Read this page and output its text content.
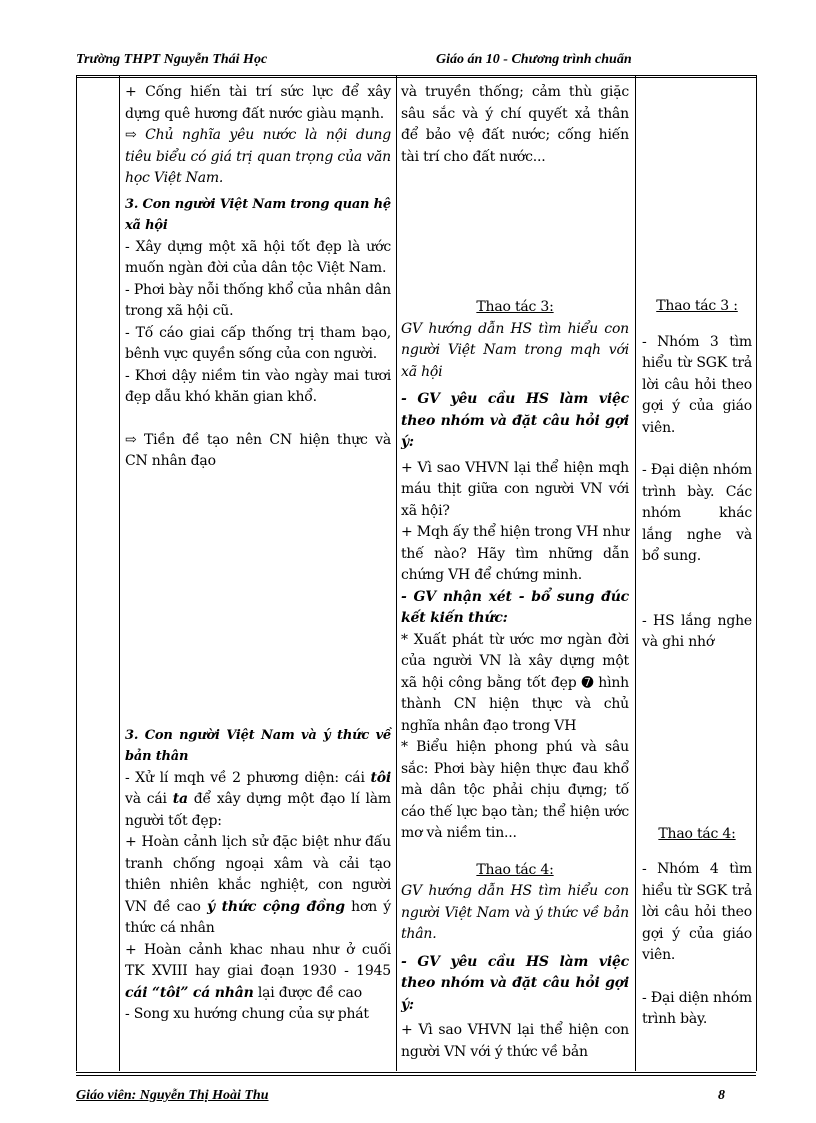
Trường THPT Nguyễn Thái Học	Giáo án 10 - Chương trình chuẩn

+ Cống hiến tài trí sức lực để xây dựng quê hương đất nước giàu mạnh.

⇨ Chủ nghĩa yêu nước là nội dung tiêu biểu có giá trị quan trọng của văn học Việt Nam.

3. Con người Việt Nam trong quan hệ xã hội

- Xây dựng một xã hội tốt đẹp là ước muốn ngàn đời của dân tộc Việt Nam.

- Phơi bày nỗi thống khổ của nhân dân trong xã hội cũ.

- Tố cáo giai cấp thống trị tham bạo, bênh vực quyền sống của con người.

- Khơi dậy niềm tin vào ngày mai tươi đẹp dẫu khó khăn gian khổ.

⇨ Tiền đề tạo nên CN hiện thực và CN nhân đạo

3. Con người Việt Nam và ý thức về bản thân

- Xử lí mqh về 2 phương diện: cái tôi và cái ta để xây dựng một đạo lí làm người tốt đẹp:

+ Hoàn cảnh lịch sử đặc biệt như đấu tranh chống ngoại xâm và cải tạo thiên nhiên khắc nghiệt, con người VN đề cao ý thức cộng đồng hơn ý thức cá nhân

+ Hoàn cảnh khac nhau như ở cuối TK XVIII hay giai đoạn 1930 - 1945 cái “tôi” cá nhân lại được đề cao

- Song xu hướng chung của sự phát

và truyền thống; cảm thù giặc sâu sắc và ý chí quyết xả thân để bảo vệ đất nước; cống hiến tài trí cho đất nước...

Thao tác 3:

GV hướng dẫn HS tìm hiểu con người Việt Nam trong mqh với xã hội

- GV yêu cầu HS làm việc theo nhóm và đặt câu hỏi gợi ý:

+ Vì sao VHVN lại thể hiện mqh máu thịt giữa con người VN với xã hội?

+ Mqh ấy thể hiện trong VH như thế nào? Hãy tìm những dẫn chứng VH để chứng minh.

- GV nhận xét - bổ sung đúc kết kiến thức:

* Xuất phát từ ước mơ ngàn đời của người VN là xây dựng một xã hội công bằng tốt đẹp ➐ hình thành CN hiện thực và chủ nghĩa nhân đạo trong VH

* Biểu hiện phong phú và sâu sắc: Phơi bày hiện thực đau khổ mà dân tộc phải chịu đựng; tố cáo thế lực bạo tàn; thể hiện ước mơ và niềm tin...

Thao tác 4:

GV hướng dẫn HS tìm hiểu con người Việt Nam và ý thức về bản thân.

- GV yêu cầu HS làm việc theo nhóm và đặt câu hỏi gợi ý:

+ Vì sao VHVN lại thể hiện con người VN với ý thức về bản

Thao tác 3 :

- Nhóm 3 tìm hiểu từ SGK trả lời câu hỏi theo gợi ý của giáo viên.

- Đại diện nhóm trình bày. Các nhóm khác lắng nghe và bổ sung.

- HS lắng nghe và ghi nhớ

Thao tác 4:

- Nhóm 4 tìm hiểu từ SGK trả lời câu hỏi theo gợi ý của giáo viên.

- Đại diện nhóm trình bày.

Giáo viên: Nguyễn Thị Hoài Thu	8
